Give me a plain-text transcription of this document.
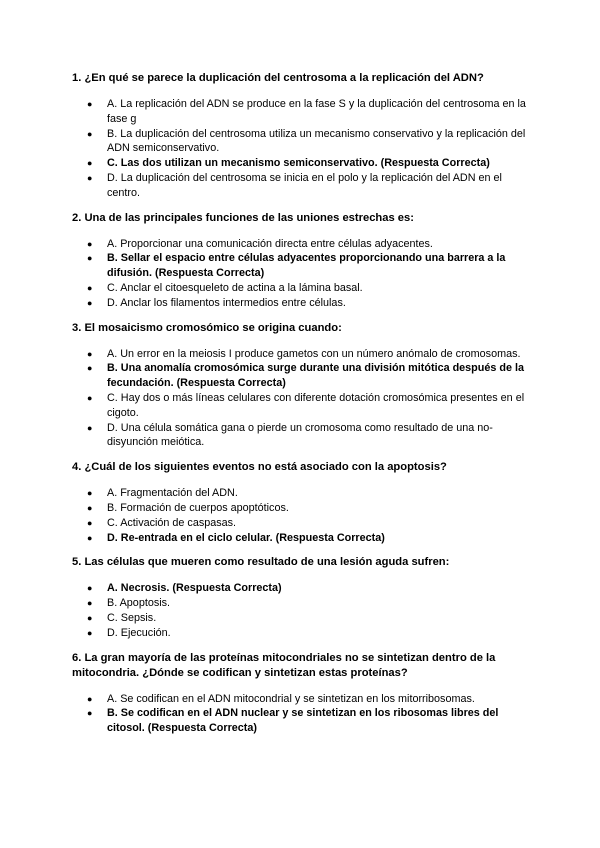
1. ¿En qué se parece la duplicación del centrosoma a la replicación del ADN?

● A. La replicación del ADN se produce en la fase S y la duplicación del centrosoma en la fase g
● B. La duplicación del centrosoma utiliza un mecanismo conservativo y la replicación del ADN semiconservativo.
● C. Las dos utilizan un mecanismo semiconservativo. (Respuesta Correcta)
● D. La duplicación del centrosoma se inicia en el polo y la replicación del ADN en el centro.

2. Una de las principales funciones de las uniones estrechas es:

● A. Proporcionar una comunicación directa entre células adyacentes.
● B. Sellar el espacio entre células adyacentes proporcionando una barrera a la difusión. (Respuesta Correcta)
● C. Anclar el citoesqueleto de actina a la lámina basal.
● D. Anclar los filamentos intermedios entre células.

3. El mosaicismo cromosómico se origina cuando:

● A. Un error en la meiosis I produce gametos con un número anómalo de cromosomas.
● B. Una anomalía cromosómica surge durante una división mitótica después de la fecundación. (Respuesta Correcta)
● C. Hay dos o más líneas celulares con diferente dotación cromosómica presentes en el cigoto.
● D. Una célula somática gana o pierde un cromosoma como resultado de una no-disyunción meiótica.

4. ¿Cuál de los siguientes eventos no está asociado con la apoptosis?

● A. Fragmentación del ADN.
● B. Formación de cuerpos apoptóticos.
● C. Activación de caspasas.
● D. Re-entrada en el ciclo celular. (Respuesta Correcta)

5. Las células que mueren como resultado de una lesión aguda sufren:

● A. Necrosis. (Respuesta Correcta)
● B. Apoptosis.
● C. Sepsis.
● D. Ejecución.

6. La gran mayoría de las proteínas mitocondriales no se sintetizan dentro de la mitocondria. ¿Dónde se codifican y sintetizan estas proteínas?

● A. Se codifican en el ADN mitocondrial y se sintetizan en los mitorribosomas.
● B. Se codifican en el ADN nuclear y se sintetizan en los ribosomas libres del citosol. (Respuesta Correcta)
